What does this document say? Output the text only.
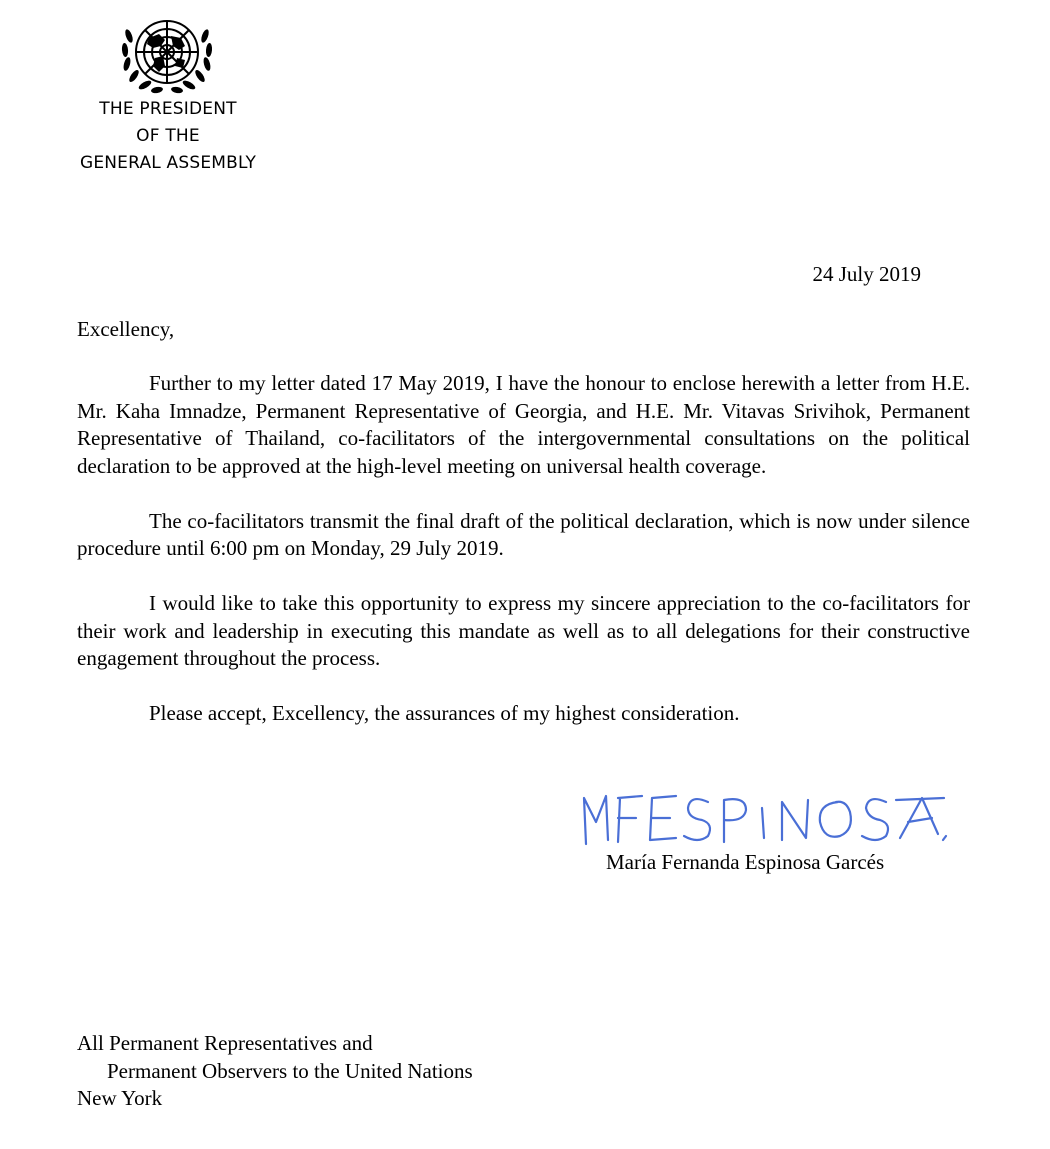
THE PRESIDENT
OF THE
GENERAL ASSEMBLY
24 July 2019
Excellency,

Further to my letter dated 17 May 2019, I have the honour to enclose herewith a letter from H.E. Mr. Kaha Imnadze, Permanent Representative of Georgia, and H.E. Mr. Vitavas Srivihok, Permanent Representative of Thailand, co-facilitators of the intergovernmental consultations on the political declaration to be approved at the high-level meeting on universal health coverage.

The co-facilitators transmit the final draft of the political declaration, which is now under silence procedure until 6:00 pm on Monday, 29 July 2019.

I would like to take this opportunity to express my sincere appreciation to the co-facilitators for their work and leadership in executing this mandate as well as to all delegations for their constructive engagement throughout the process.

Please accept, Excellency, the assurances of my highest consideration.

María Fernanda Espinosa Garcés
All Permanent Representatives and
Permanent Observers to the United Nations
New York
